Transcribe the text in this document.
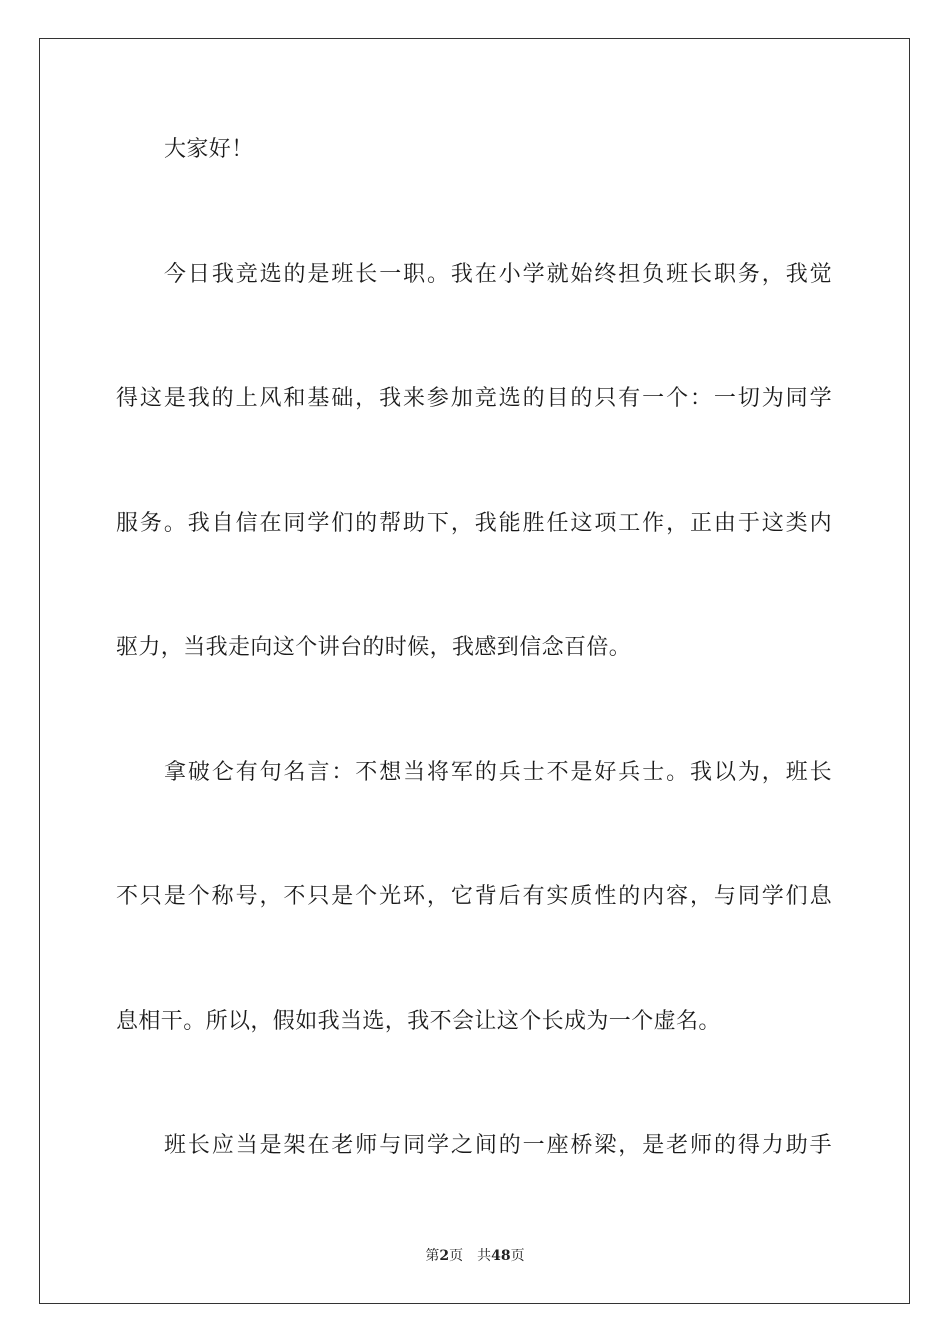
大家好！
今日我竞选的是班长一职。我在小学就始终担负班长职务，我觉
得这是我的上风和基础，我来参加竞选的目的只有一个：一切为同学
服务。我自信在同学们的帮助下，我能胜任这项工作，正由于这类内
驱力，当我走向这个讲台的时候，我感到信念百倍。
拿破仑有句名言：不想当将军的兵士不是好兵士。我以为，班长
不只是个称号，不只是个光环，它背后有实质性的内容，与同学们息
息相干。所以，假如我当选，我不会让这个长成为一个虚名。
班长应当是架在老师与同学之间的一座桥梁，是老师的得力助手
第2页 共48页
